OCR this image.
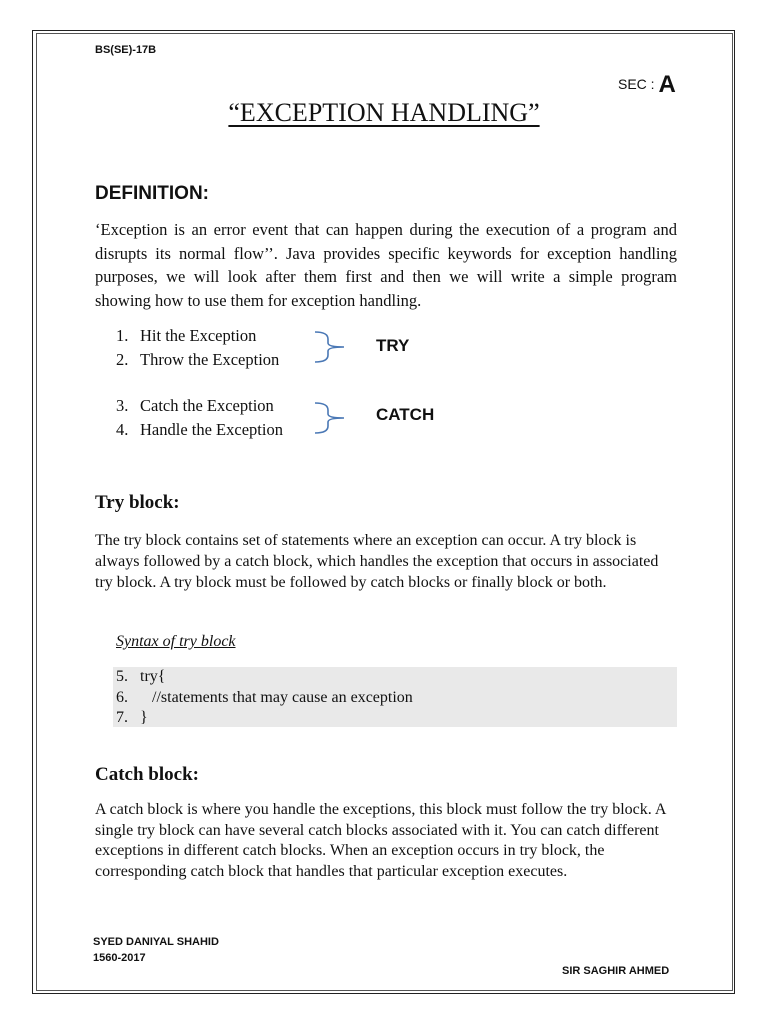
BS(SE)-17B
SEC : A
“EXCEPTION HANDLING”
DEFINITION:
‘Exception is an error event that can happen during the execution of a program and disrupts its normal flow’’. Java provides specific keywords for exception handling purposes, we will look after them first and then we will write a simple program showing how to use them for exception handling.
1. Hit the Exception
2. Throw the Exception
TRY
3. Catch the Exception
4. Handle the Exception
CATCH
Try block:
The try block contains set of statements where an exception can occur. A try block is always followed by a catch block, which handles the exception that occurs in associated try block. A try block must be followed by catch blocks or finally block or both.
Syntax of try block
5. try{
6. //statements that may cause an exception
7. }
Catch block:
A catch block is where you handle the exceptions, this block must follow the try block. A single try block can have several catch blocks associated with it. You can catch different exceptions in different catch blocks. When an exception occurs in try block, the corresponding catch block that handles that particular exception executes.
SYED DANIYAL SHAHID
1560-2017
SIR SAGHIR AHMED
